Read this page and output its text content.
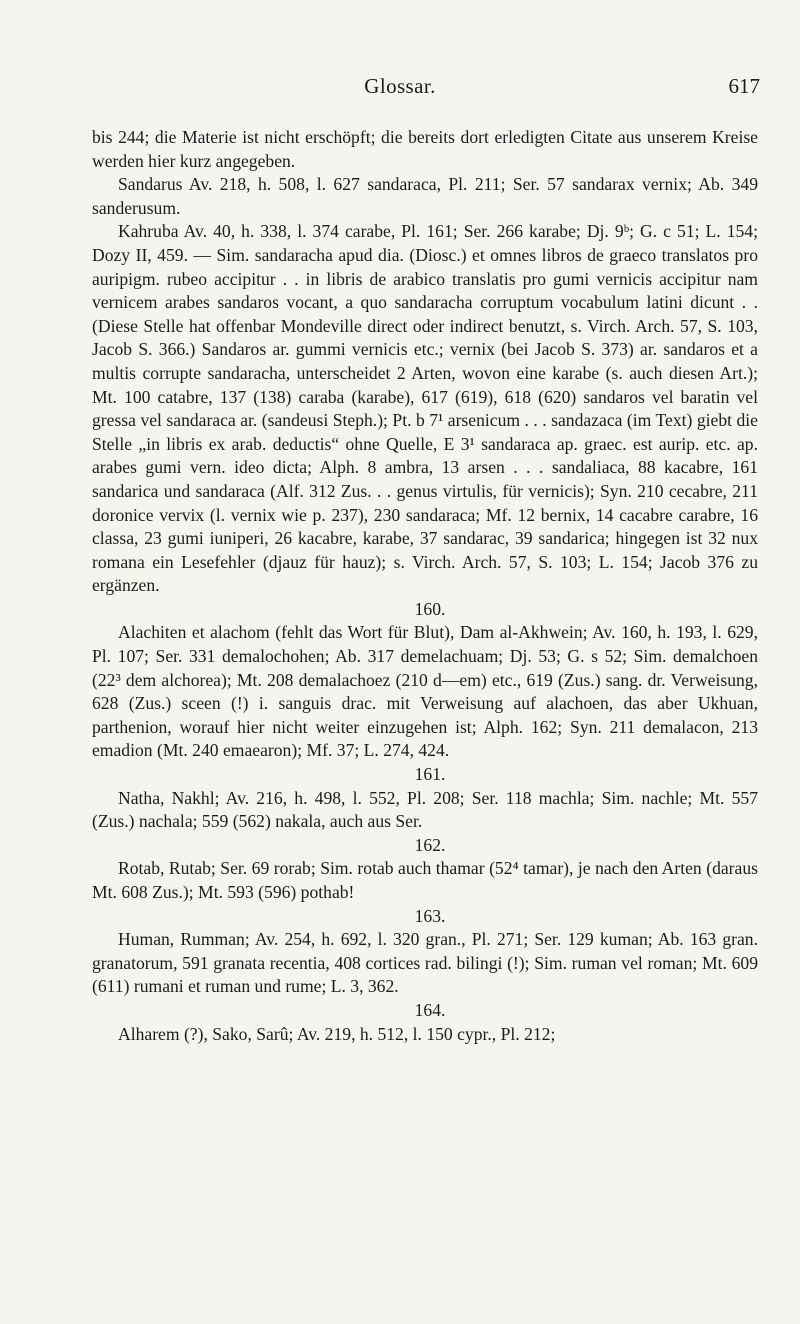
Glossar.	617

bis 244; die Materie ist nicht erschöpft; die bereits dort erledigten Citate aus unserem Kreise werden hier kurz angegeben.

Sandarus Av. 218, h. 508, l. 627 sandaraca, Pl. 211; Ser. 57 sandarax vernix; Ab. 349 sanderusum.

Kahruba Av. 40, h. 338, l. 374 carabe, Pl. 161; Ser. 266 karabe; Dj. 9ᵇ; G. c 51; L. 154; Dozy II, 459. — Sim. sandaracha apud dia. (Diosc.) et omnes libros de graeco translatos pro auripigm. rubeo accipitur . . in libris de arabico translatis pro gumi vernicis accipitur nam vernicem arabes sandaros vocant, a quo sandaracha corruptum vocabulum latini dicunt . . (Diese Stelle hat offenbar Mondeville direct oder indirect benutzt, s. Virch. Arch. 57, S. 103, Jacob S. 366.) Sandaros ar. gummi vernicis etc.; vernix (bei Jacob S. 373) ar. sandaros et a multis corrupte sandaracha, unterscheidet 2 Arten, wovon eine karabe (s. auch diesen Art.); Mt. 100 catabre, 137 (138) caraba (karabe), 617 (619), 618 (620) sandaros vel baratin vel gressa vel sandaraca ar. (sandeusi Steph.); Pt. b 7¹ arsenicum . . . sandazaca (im Text) giebt die Stelle „in libris ex arab. deductis“ ohne Quelle, E 3¹ sandaraca ap. graec. est aurip. etc. ap. arabes gumi vern. ideo dicta; Alph. 8 ambra, 13 arsen . . . sandaliaca, 88 kacabre, 161 sandarica und sandaraca (Alf. 312 Zus. . . genus virtulis, für vernicis); Syn. 210 cecabre, 211 doronice vervix (l. vernix wie p. 237), 230 sandaraca; Mf. 12 bernix, 14 cacabre carabre, 16 classa, 23 gumi iuniperi, 26 kacabre, karabe, 37 sandarac, 39 sandarica; hingegen ist 32 nux romana ein Lesefehler (djauz für hauz); s. Virch. Arch. 57, S. 103; L. 154; Jacob 376 zu ergänzen.

160.

Alachiten et alachom (fehlt das Wort für Blut), Dam al-Akhwein; Av. 160, h. 193, l. 629, Pl. 107; Ser. 331 demalochohen; Ab. 317 demelachuam; Dj. 53; G. s 52; Sim. demalchoen (22³ dem alchorea); Mt. 208 demalachoez (210 d—em) etc., 619 (Zus.) sang. dr. Verweisung, 628 (Zus.) sceen (!) i. sanguis drac. mit Verweisung auf alachoen, das aber Ukhuan, parthenion, worauf hier nicht weiter einzugehen ist; Alph. 162; Syn. 211 demalacon, 213 emadion (Mt. 240 emaearon); Mf. 37; L. 274, 424.

161.

Natha, Nakhl; Av. 216, h. 498, l. 552, Pl. 208; Ser. 118 machla; Sim. nachle; Mt. 557 (Zus.) nachala; 559 (562) nakala, auch aus Ser.

162.

Rotab, Rutab; Ser. 69 rorab; Sim. rotab auch thamar (52⁴ tamar), je nach den Arten (daraus Mt. 608 Zus.); Mt. 593 (596) pothab!

163.

Human, Rumman; Av. 254, h. 692, l. 320 gran., Pl. 271; Ser. 129 kuman; Ab. 163 gran. granatorum, 591 granata recentia, 408 cortices rad. bilingi (!); Sim. ruman vel roman; Mt. 609 (611) rumani et ruman und rume; L. 3, 362.

164.

Alharem (?), Sako, Sarû; Av. 219, h. 512, l. 150 cypr., Pl. 212;
